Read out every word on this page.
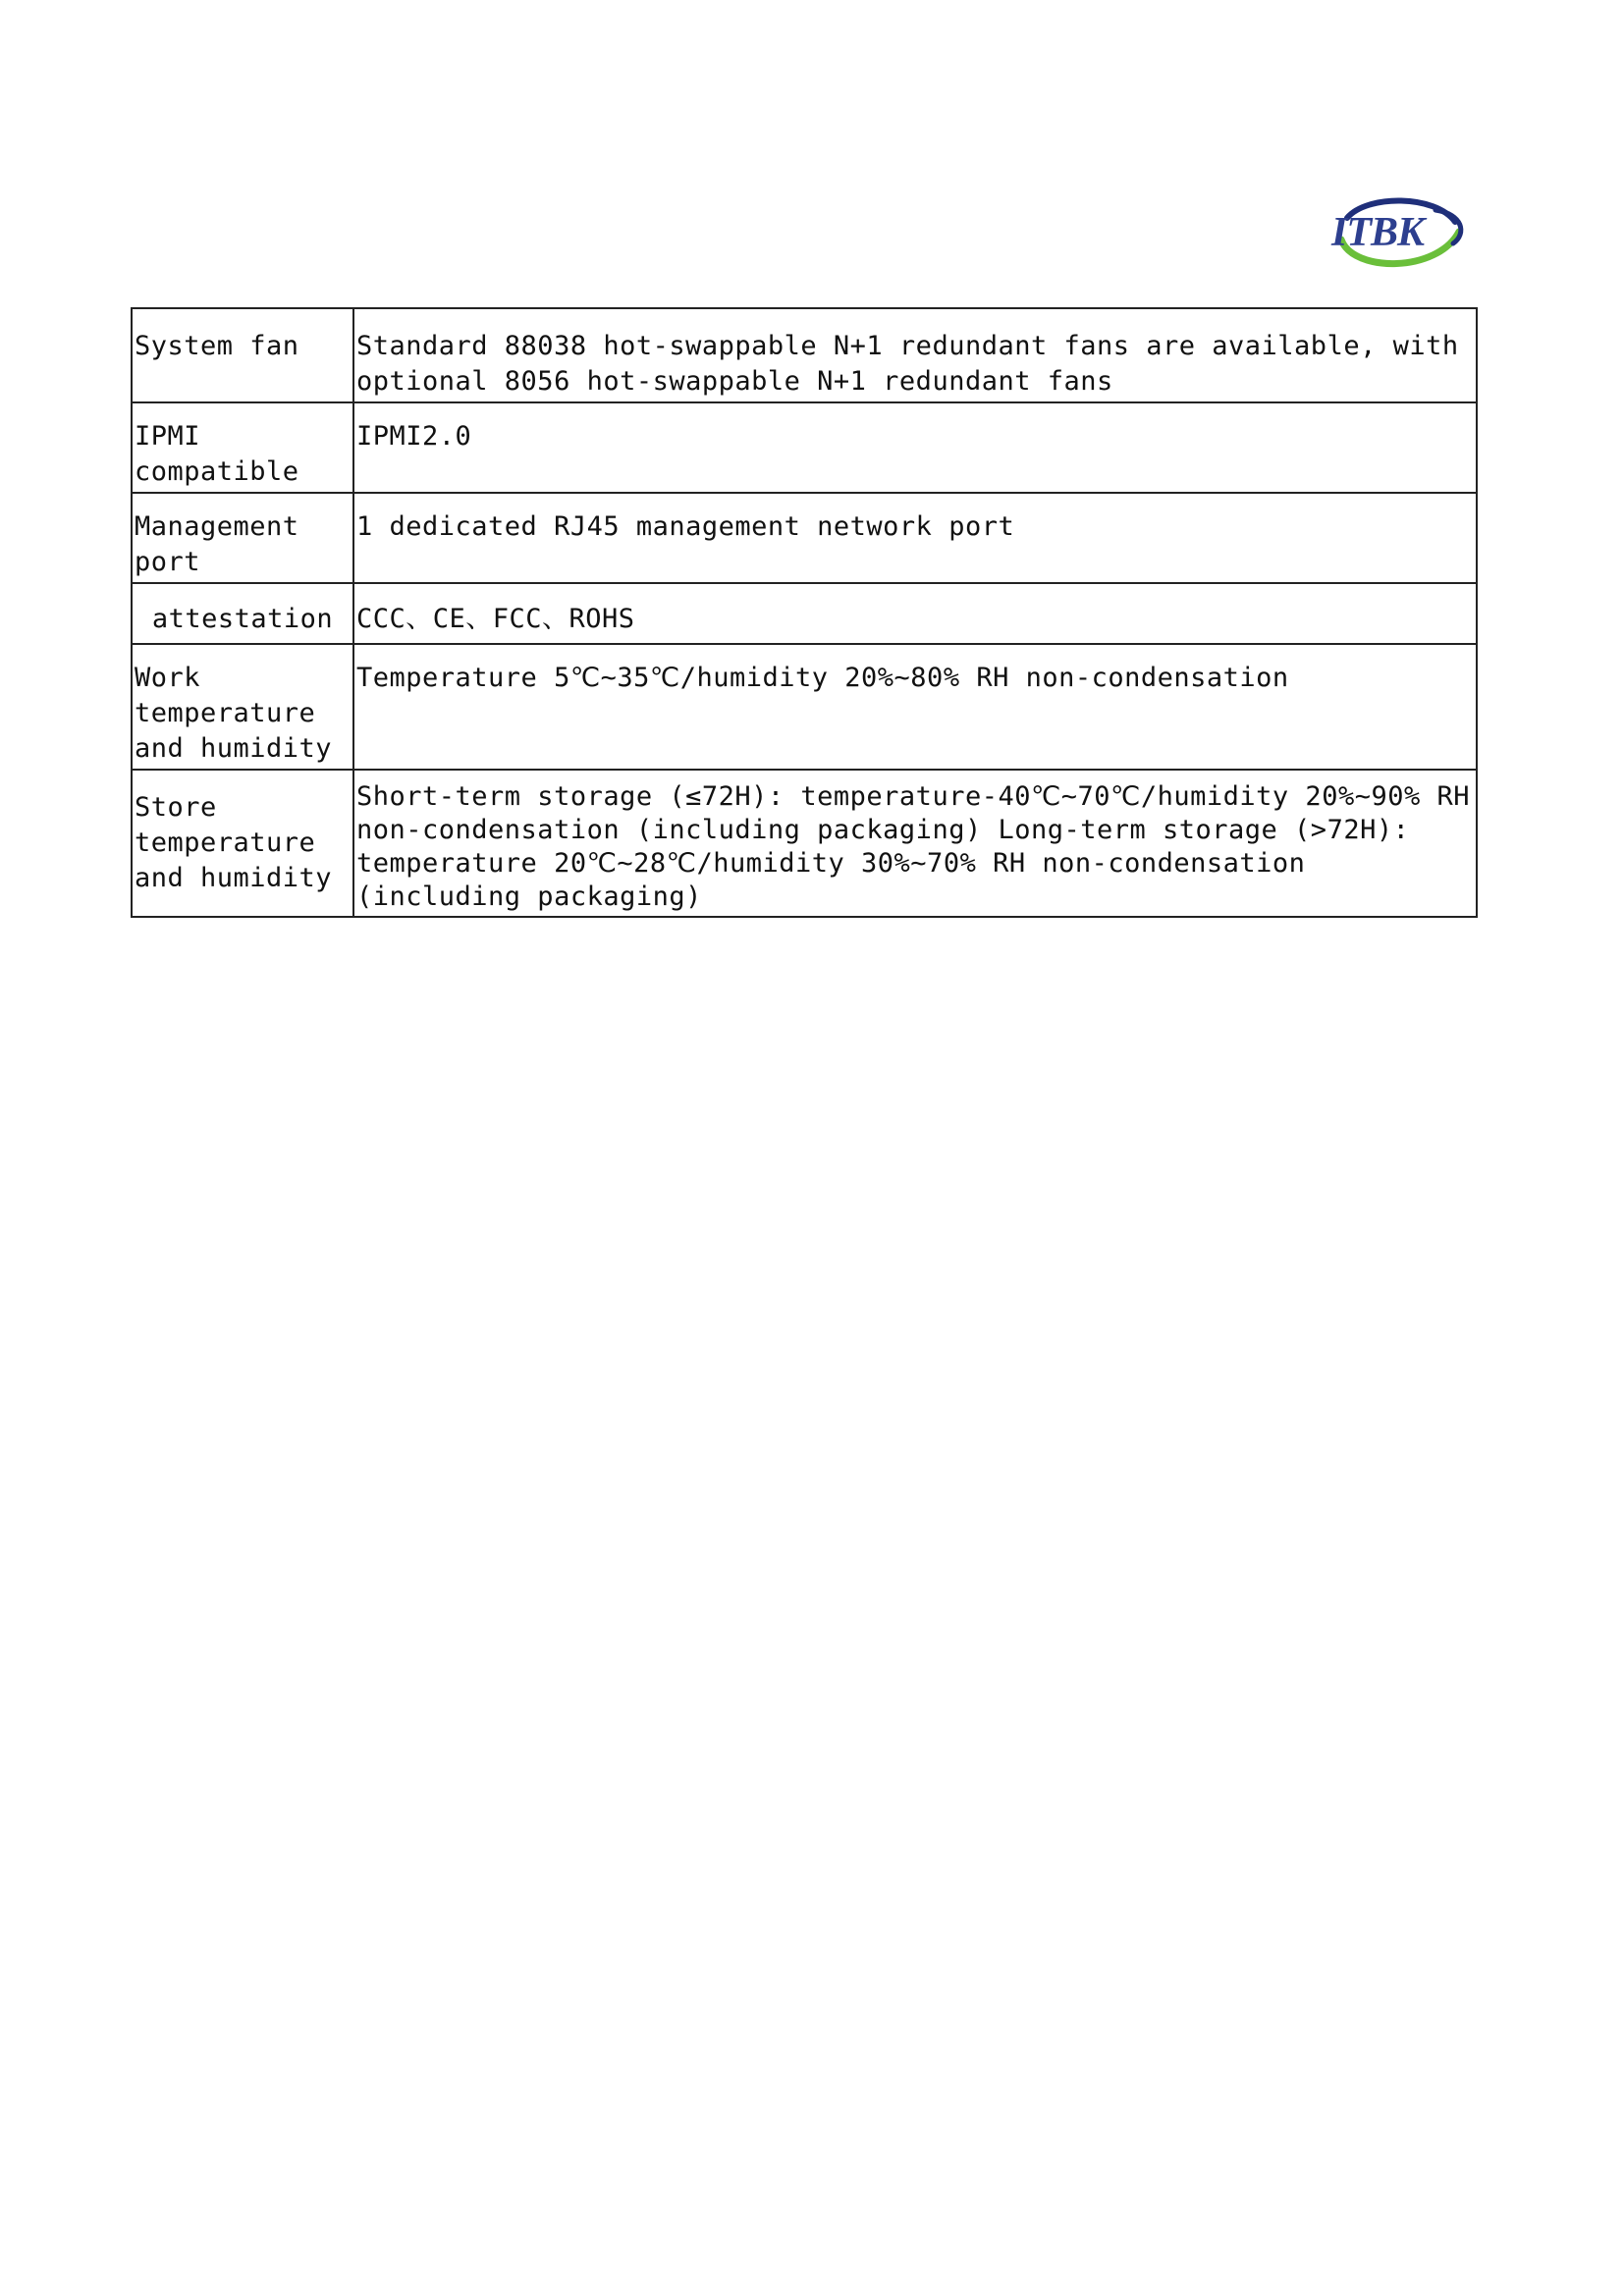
ITBK
System fan	Standard 88038 hot-swappable N+1 redundant fans are available, with optional 8056 hot-swappable N+1 redundant fans
IPMI compatible	IPMI2.0
Management port	1 dedicated RJ45 management network port
attestation	CCC、CE、FCC、ROHS
Work temperature and humidity	Temperature 5℃~35℃/humidity 20%~80% RH non-condensation
Store temperature and humidity	Short-term storage (≤72H): temperature-40℃~70℃/humidity 20%~90% RH non-condensation (including packaging) Long-term storage (>72H): temperature 20℃~28℃/humidity 30%~70% RH non-condensation (including packaging)
